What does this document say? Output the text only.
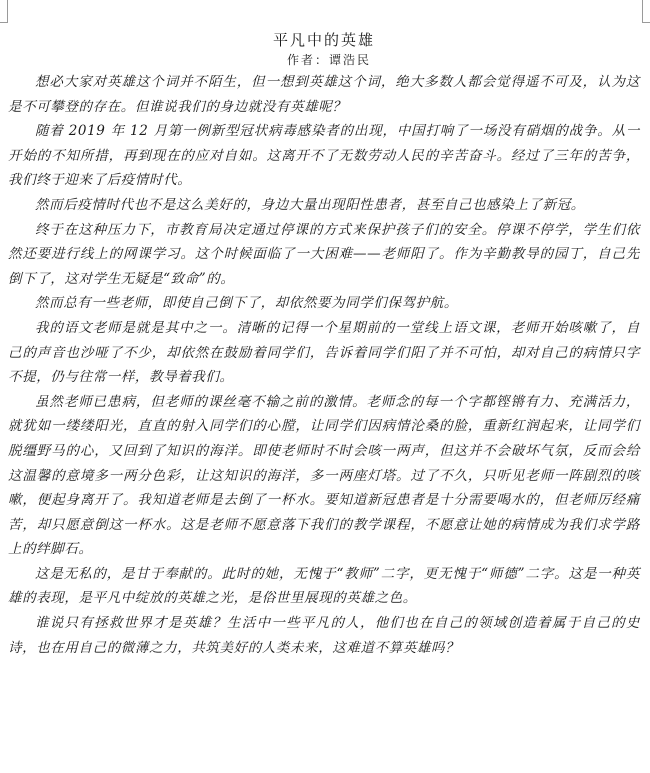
平凡中的英雄
作者：谭浩民

想必大家对英雄这个词并不陌生，但一想到英雄这个词，绝大多数人都会觉得遥不可及，认为这是不可攀登的存在。但谁说我们的身边就没有英雄呢？

随着 2019 年 12 月第一例新型冠状病毒感染者的出现，中国打响了一场没有硝烟的战争。从一开始的不知所措，再到现在的应对自如。这离开不了无数劳动人民的辛苦奋斗。经过了三年的苦争，我们终于迎来了后疫情时代。

然而后疫情时代也不是这么美好的，身边大量出现阳性患者，甚至自己也感染上了新冠。

终于在这种压力下，市教育局决定通过停课的方式来保护孩子们的安全。停课不停学，学生们依然还要进行线上的网课学习。这个时候面临了一大困难——老师阳了。作为辛勤教导的园丁，自己先倒下了，这对学生无疑是“致命”的。

然而总有一些老师，即使自己倒下了，却依然要为同学们保驾护航。

我的语文老师是就是其中之一。清晰的记得一个星期前的一堂线上语文课，老师开始咳嗽了，自己的声音也沙哑了不少，却依然在鼓励着同学们，告诉着同学们阳了并不可怕，却对自己的病情只字不提，仍与往常一样，教导着我们。

虽然老师已患病，但老师的课丝毫不输之前的激情。老师念的每一个字都铿锵有力、充满活力，就犹如一缕缕阳光，直直的射入同学们的心膛，让同学们因病情沦桑的脸，重新红润起来，让同学们脱缰野马的心，又回到了知识的海洋。即使老师时不时会咳一两声，但这并不会破坏气氛，反而会给这温馨的意境多一两分色彩，让这知识的海洋，多一两座灯塔。过了不久，只听见老师一阵剧烈的咳嗽，便起身离开了。我知道老师是去倒了一杯水。要知道新冠患者是十分需要喝水的，但老师厉经痛苦，却只愿意倒这一杯水。这是老师不愿意落下我们的教学课程，不愿意让她的病情成为我们求学路上的绊脚石。

这是无私的，是甘于奉献的。此时的她，无愧于“教师”二字，更无愧于“师德”二字。这是一种英雄的表现，是平凡中绽放的英雄之光，是俗世里展现的英雄之色。

谁说只有拯救世界才是英雄？生活中一些平凡的人，他们也在自己的领域创造着属于自己的史诗，也在用自己的微薄之力，共筑美好的人类未来，这难道不算英雄吗？
